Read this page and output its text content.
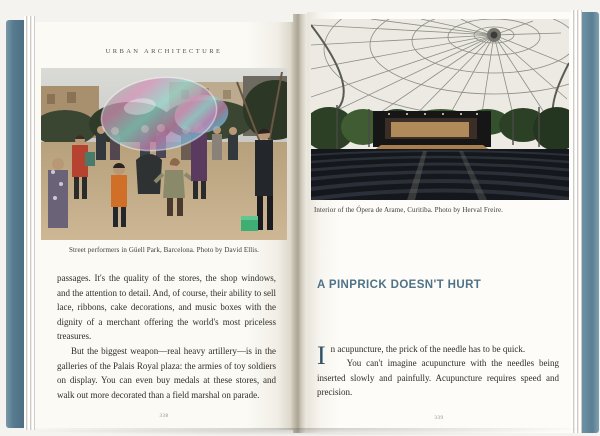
URBAN ARCHITECTURE
Street performers in Güell Park, Barcelona. Photo by David Ellis.

passages. It's the quality of the stores, the shop windows, and the attention to detail. And, of course, their ability to sell lace, ribbons, cake decorations, and music boxes with the dignity of a merchant offering the world's most priceless treasures.

But the biggest weapon—real heavy artillery—is in the galleries of the Palais Royal plaza: the armies of toy soldiers on display. You can even buy medals at these stores, and walk out more decorated than a field marshal on parade.

338
Interior of the Ópera de Arame, Curitiba. Photo by Herval Freire.
A PINPRICK DOESN'T HURT
In acupuncture, the prick of the needle has to be quick.
You can't imagine acupuncture with the needles being inserted slowly and painfully. Acupuncture requires speed and precision.
339
